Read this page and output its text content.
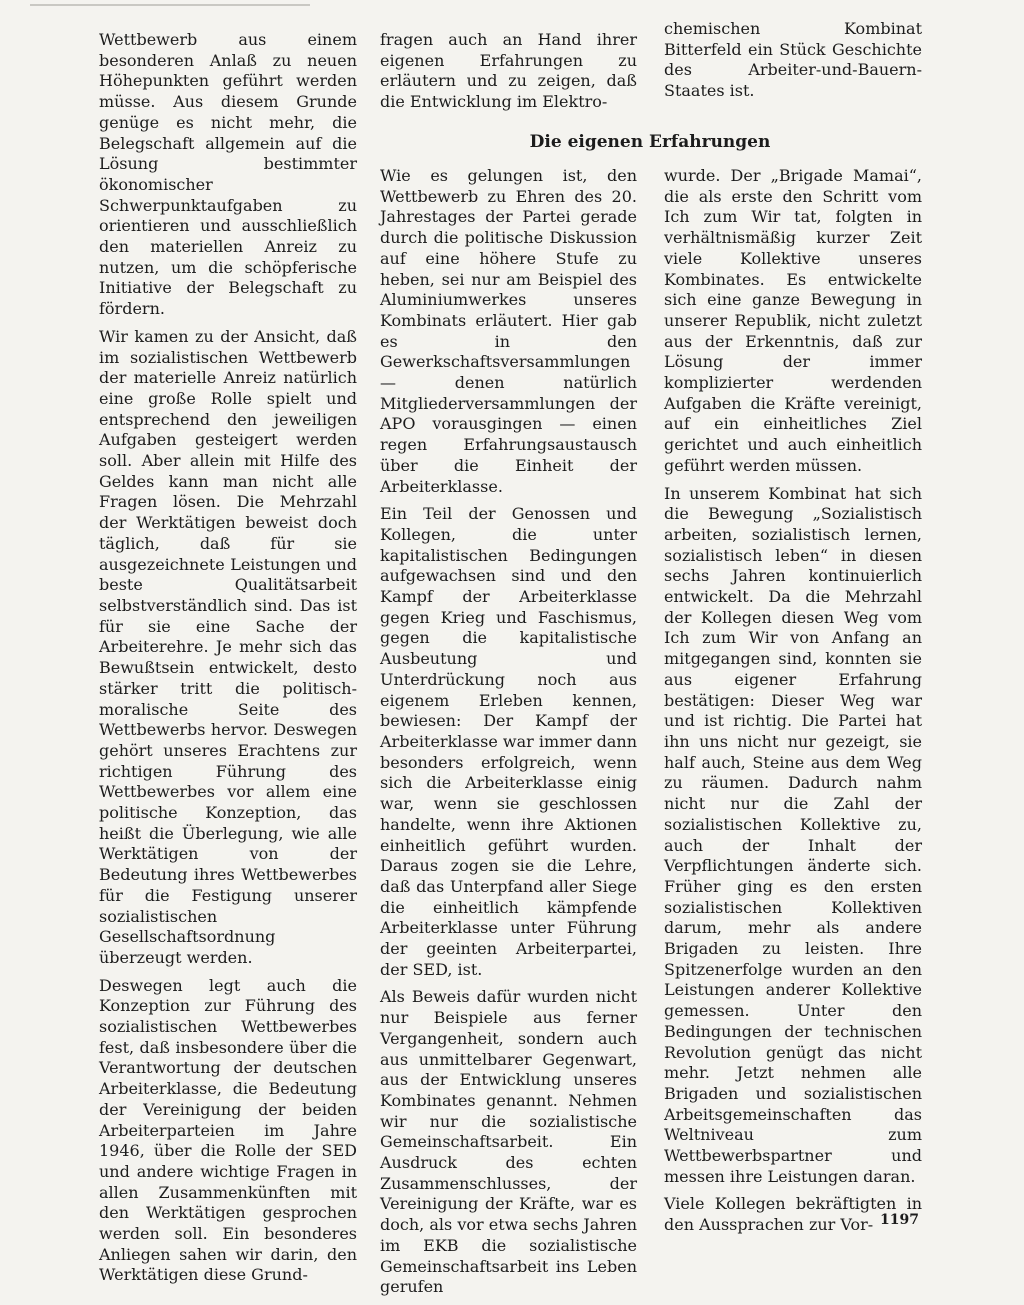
Wettbewerb aus einem besonderen Anlaß zu neuen Höhepunkten geführt werden müsse. Aus diesem Grunde genüge es nicht mehr, die Belegschaft allgemein auf die Lösung bestimmter ökonomischer Schwerpunktaufgaben zu orientieren und ausschließlich den materiellen Anreiz zu nutzen, um die schöpferische Initiative der Belegschaft zu fördern.

Wir kamen zu der Ansicht, daß im sozialistischen Wettbewerb der materielle Anreiz natürlich eine große Rolle spielt und entsprechend den jeweiligen Aufgaben gesteigert werden soll. Aber allein mit Hilfe des Geldes kann man nicht alle Fragen lösen. Die Mehrzahl der Werktätigen beweist doch täglich, daß für sie ausgezeichnete Leistungen und beste Qualitätsarbeit selbstverständlich sind. Das ist für sie eine Sache der Arbeiterehre. Je mehr sich das Bewußtsein entwickelt, desto stärker tritt die politisch-moralische Seite des Wettbewerbs hervor. Deswegen gehört unseres Erachtens zur richtigen Führung des Wettbewerbes vor allem eine politische Konzeption, das heißt die Überlegung, wie alle Werktätigen von der Bedeutung ihres Wettbewerbes für die Festigung unserer sozialistischen Gesellschaftsordnung überzeugt werden.

Deswegen legt auch die Konzeption zur Führung des sozialistischen Wettbewerbes fest, daß insbesondere über die Verantwortung der deutschen Arbeiterklasse, die Bedeutung der Vereinigung der beiden Arbeiterparteien im Jahre 1946, über die Rolle der SED und andere wichtige Fragen in allen Zusammenkünften mit den Werktätigen gesprochen werden soll. Ein besonderes Anliegen sahen wir darin, den Werktätigen diese Grund-

fragen auch an Hand ihrer eigenen Erfahrungen zu erläutern und zu zeigen, daß die Entwicklung im Elektro-

chemischen Kombinat Bitterfeld ein Stück Geschichte des Arbeiter-und-Bauern-Staates ist.

Die eigenen Erfahrungen

Wie es gelungen ist, den Wettbewerb zu Ehren des 20. Jahrestages der Partei gerade durch die politische Diskussion auf eine höhere Stufe zu heben, sei nur am Beispiel des Aluminiumwerkes unseres Kombinats erläutert. Hier gab es in den Gewerkschaftsversammlungen — denen natürlich Mitgliederversammlungen der APO vorausgingen — einen regen Erfahrungsaustausch über die Einheit der Arbeiterklasse.

Ein Teil der Genossen und Kollegen, die unter kapitalistischen Bedingungen aufgewachsen sind und den Kampf der Arbeiterklasse gegen Krieg und Faschismus, gegen die kapitalistische Ausbeutung und Unterdrückung noch aus eigenem Erleben kennen, bewiesen: Der Kampf der Arbeiterklasse war immer dann besonders erfolgreich, wenn sich die Arbeiterklasse einig war, wenn sie geschlossen handelte, wenn ihre Aktionen einheitlich geführt wurden. Daraus zogen sie die Lehre, daß das Unterpfand aller Siege die einheitlich kämpfende Arbeiterklasse unter Führung der geeinten Arbeiterpartei, der SED, ist.

Als Beweis dafür wurden nicht nur Beispiele aus ferner Vergangenheit, sondern auch aus unmittelbarer Gegenwart, aus der Entwicklung unseres Kombinates genannt. Nehmen wir nur die sozialistische Gemeinschaftsarbeit. Ein Ausdruck des echten Zusammenschlusses, der Vereinigung der Kräfte, war es doch, als vor etwa sechs Jahren im EKB die sozialistische Gemeinschaftsarbeit ins Leben gerufen

wurde. Der „Brigade Mamai“, die als erste den Schritt vom Ich zum Wir tat, folgten in verhältnismäßig kurzer Zeit viele Kollektive unseres Kombinates. Es entwickelte sich eine ganze Bewegung in unserer Republik, nicht zuletzt aus der Erkenntnis, daß zur Lösung der immer komplizierter werdenden Aufgaben die Kräfte vereinigt, auf ein einheitliches Ziel gerichtet und auch einheitlich geführt werden müssen.

In unserem Kombinat hat sich die Bewegung „Sozialistisch arbeiten, sozialistisch lernen, sozialistisch leben“ in diesen sechs Jahren kontinuierlich entwickelt. Da die Mehrzahl der Kollegen diesen Weg vom Ich zum Wir von Anfang an mitgegangen sind, konnten sie aus eigener Erfahrung bestätigen: Dieser Weg war und ist richtig. Die Partei hat ihn uns nicht nur gezeigt, sie half auch, Steine aus dem Weg zu räumen. Dadurch nahm nicht nur die Zahl der sozialistischen Kollektive zu, auch der Inhalt der Verpflichtungen änderte sich. Früher ging es den ersten sozialistischen Kollektiven darum, mehr als andere Brigaden zu leisten. Ihre Spitzenerfolge wurden an den Leistungen anderer Kollektive gemessen. Unter den Bedingungen der technischen Revolution genügt das nicht mehr. Jetzt nehmen alle Brigaden und sozialistischen Arbeitsgemeinschaften das Weltniveau zum Wettbewerbspartner und messen ihre Leistungen daran.

Viele Kollegen bekräftigten in den Aussprachen zur Vor- 1197
